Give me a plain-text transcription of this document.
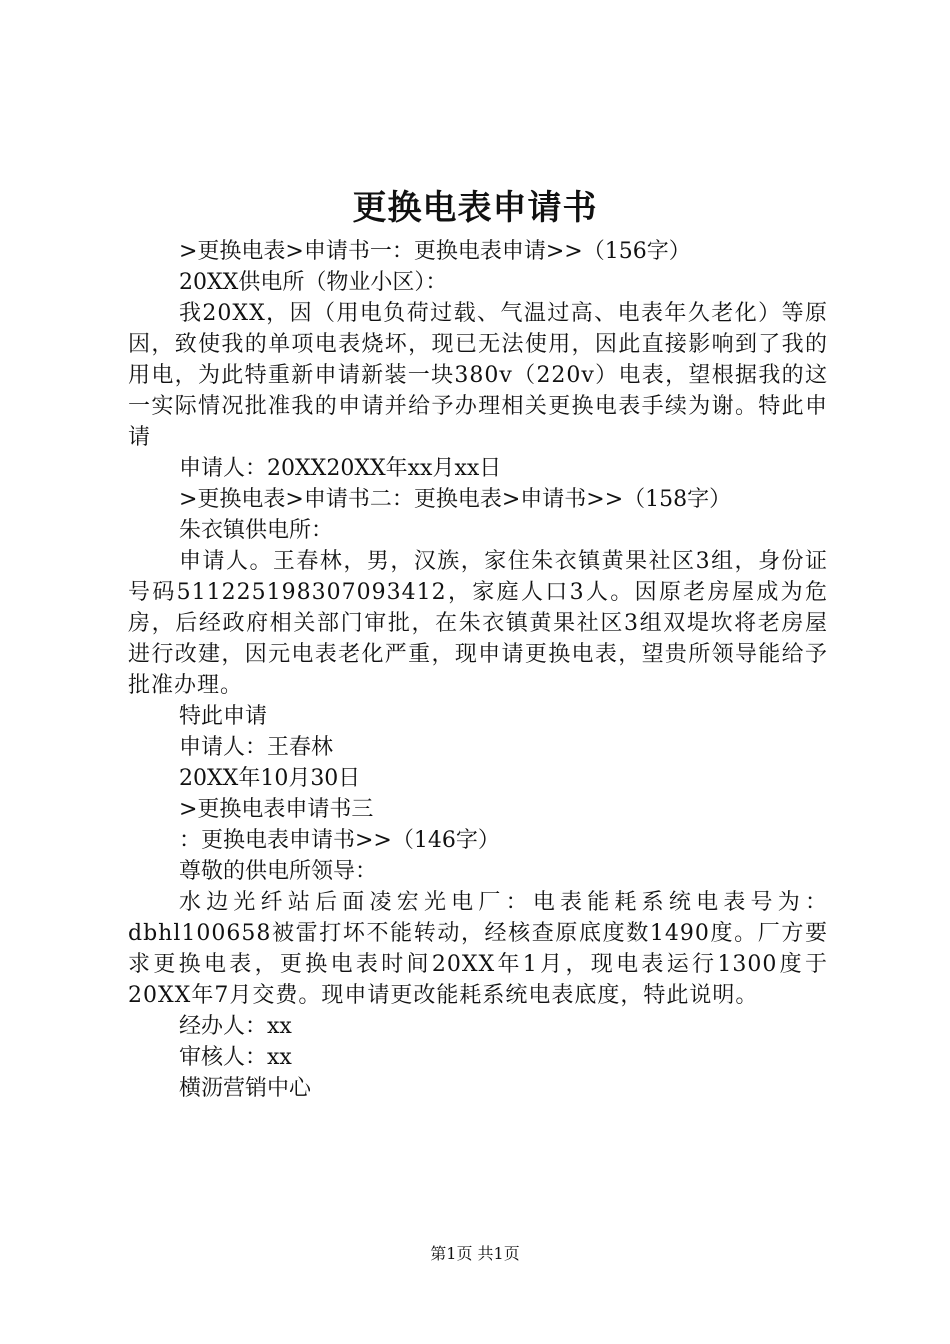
更换电表申请书

>更换电表>申请书一：更换电表申请>>（156字）

20XX供电所（物业小区）：

我20XX，因（用电负荷过载、气温过高、电表年久老化）等原因，致使我的单项电表烧坏，现已无法使用，因此直接影响到了我的用电，为此特重新申请新装一块380v（220v）电表，望根据我的这一实际情况批准我的申请并给予办理相关更换电表手续为谢。特此申请

申请人：20XX20XX年xx月xx日

>更换电表>申请书二：更换电表>申请书>>（158字）

朱衣镇供电所：

申请人。王春林，男，汉族，家住朱衣镇黄果社区3组，身份证号码511225198307093412，家庭人口3人。因原老房屋成为危房，后经政府相关部门审批，在朱衣镇黄果社区3组双堤坎将老房屋进行改建，因元电表老化严重，现申请更换电表，望贵所领导能给予批准办理。

特此申请

申请人：王春林

20XX年10月30日

>更换电表申请书三

：更换电表申请书>>（146字）

尊敬的供电所领导：

水边光纤站后面凌宏光电厂：电表能耗系统电表号为：dbhl100658被雷打坏不能转动，经核查原底度数1490度。厂方要求更换电表，更换电表时间20XX年1月，现电表运行1300度于20XX年7月交费。现申请更改能耗系统电表底度，特此说明。

经办人：xx

审核人：xx

横沥营销中心

第1页 共1页
